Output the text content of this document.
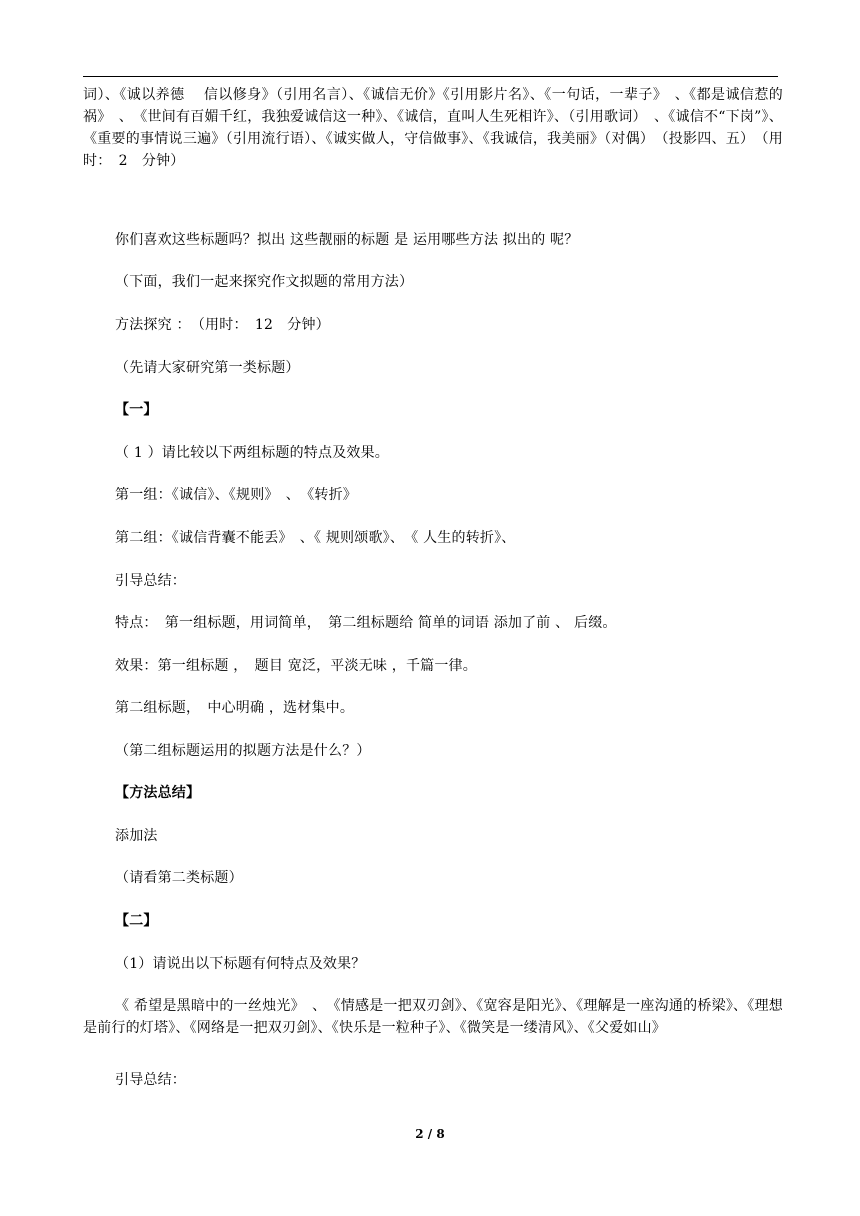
词）、《诚以养德　 信以修身》（引用名言）、《诚信无价》《引用影片名》、《一句话，一辈子》　、《都是诚信惹的祸》　、　《世间有百媚千红，我独爱诚信这一种》、《诚信，直叫人生死相许》、（引用歌词）　、《诚信不“下岗”》、《重要的事情说三遍》（引用流行语）、《诚实做人，守信做事》、《我诚信，我美丽》（对偶）　（投影四、五）　（用时：　2　分钟）

你们喜欢这些标题吗？拟出 这些靓丽的标题 是 运用哪些方法 拟出的 呢？
（下面，我们一起来探究作文拟题的常用方法）
方法探究 ：　（用时：　12　分钟）
（先请大家研究第一类标题）
【一】
（ 1 ）请比较以下两组标题的特点及效果。
第一组：《诚信》、《规则》　、　《转折》
第二组：《诚信背囊不能丢》　、《 规则颂歌》、　《 人生的转折》、
引导总结：
特点：　第一组标题，用词简单，　第二组标题给 简单的词语 添加了前 、 后缀。
效果：第一组标题 ，　题目 宽泛，平淡无味 ，千篇一律。
第二组标题，　中心明确 ，选材集中。
（第二组标题运用的拟题方法是什么？）
【方法总结】
添加法
（请看第二类标题）
【二】
（1）请说出以下标题有何特点及效果？

《 希望是黑暗中的一丝烛光》　、　《情感是一把双刃剑》、《宽容是阳光》、《理解是一座沟通的桥梁》、《理想是前行的灯塔》、《网络是一把双刃剑》、《快乐是一粒种子》、《微笑是一缕清风》、《父爱如山》

引导总结：
2 / 8
